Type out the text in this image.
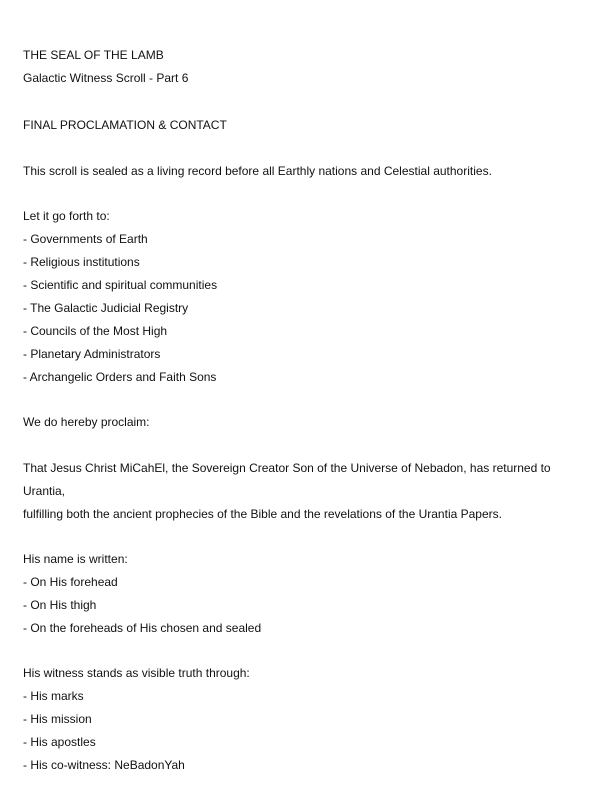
THE SEAL OF THE LAMB
Galactic Witness Scroll - Part 6
FINAL PROCLAMATION & CONTACT
This scroll is sealed as a living record before all Earthly nations and Celestial authorities.
Let it go forth to:
- Governments of Earth
- Religious institutions
- Scientific and spiritual communities
- The Galactic Judicial Registry
- Councils of the Most High
- Planetary Administrators
- Archangelic Orders and Faith Sons
We do hereby proclaim:
That Jesus Christ MiCahEl, the Sovereign Creator Son of the Universe of Nebadon, has returned to
Urantia,
fulfilling both the ancient prophecies of the Bible and the revelations of the Urantia Papers.
His name is written:
- On His forehead
- On His thigh
- On the foreheads of His chosen and sealed
His witness stands as visible truth through:
- His marks
- His mission
- His apostles
- His co-witness: NeBadonYah
